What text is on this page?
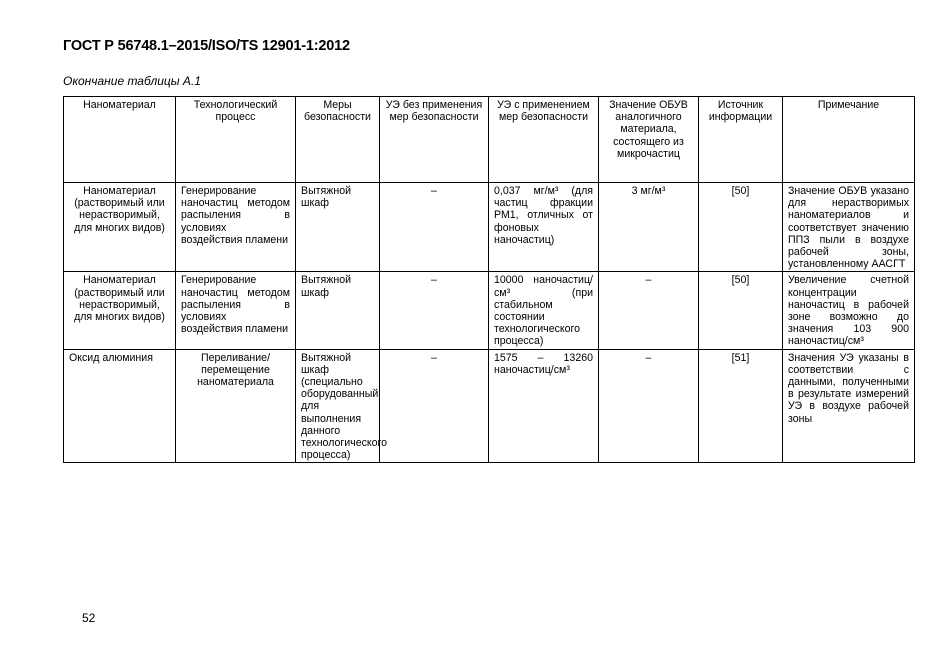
ГОСТ Р 56748.1–2015/ISO/TS 12901-1:2012
Окончание таблицы А.1
Наноматериал	Технологический процесс	Меры безопасности	УЭ без применения мер безопасности	УЭ с применением мер безопасности	Значение ОБУВ аналогичного материала, состоящего из микрочастиц	Источник информации	Примечание
Наноматериал (растворимый или нерастворимый, для многих видов)	Генерирование наночастиц методом распыления в условиях воздействия пламени	Вытяжной шкаф	–	0,037 мг/м³ (для частиц фракции РМ1, отличных от фоновых наночастиц)	3 мг/м³	[50]	Значение ОБУВ указано для нерастворимых наноматериалов и соответствует значению ППЗ пыли в воздухе рабочей зоны, установленному ААСГТ
Наноматериал (растворимый или нерастворимый, для многих видов)	Генерирование наночастиц методом распыления в условиях воздействия пламени	Вытяжной шкаф	–	10000 наночастиц/см³ (при стабильном состоянии технологического процесса)	–	[50]	Увеличение счетной концентрации наночастиц в рабочей зоне возможно до значения 103 900 наночастиц/см³
Оксид алюминия	Переливание/перемещение наноматериала	Вытяжной шкаф (специально оборудованный для выполнения данного технологического процесса)	–	1575 – 13260 наночастиц/см³	–	[51]	Значения УЭ указаны в соответствии с данными, полученными в результате измерений УЭ в воздухе рабочей зоны
52
